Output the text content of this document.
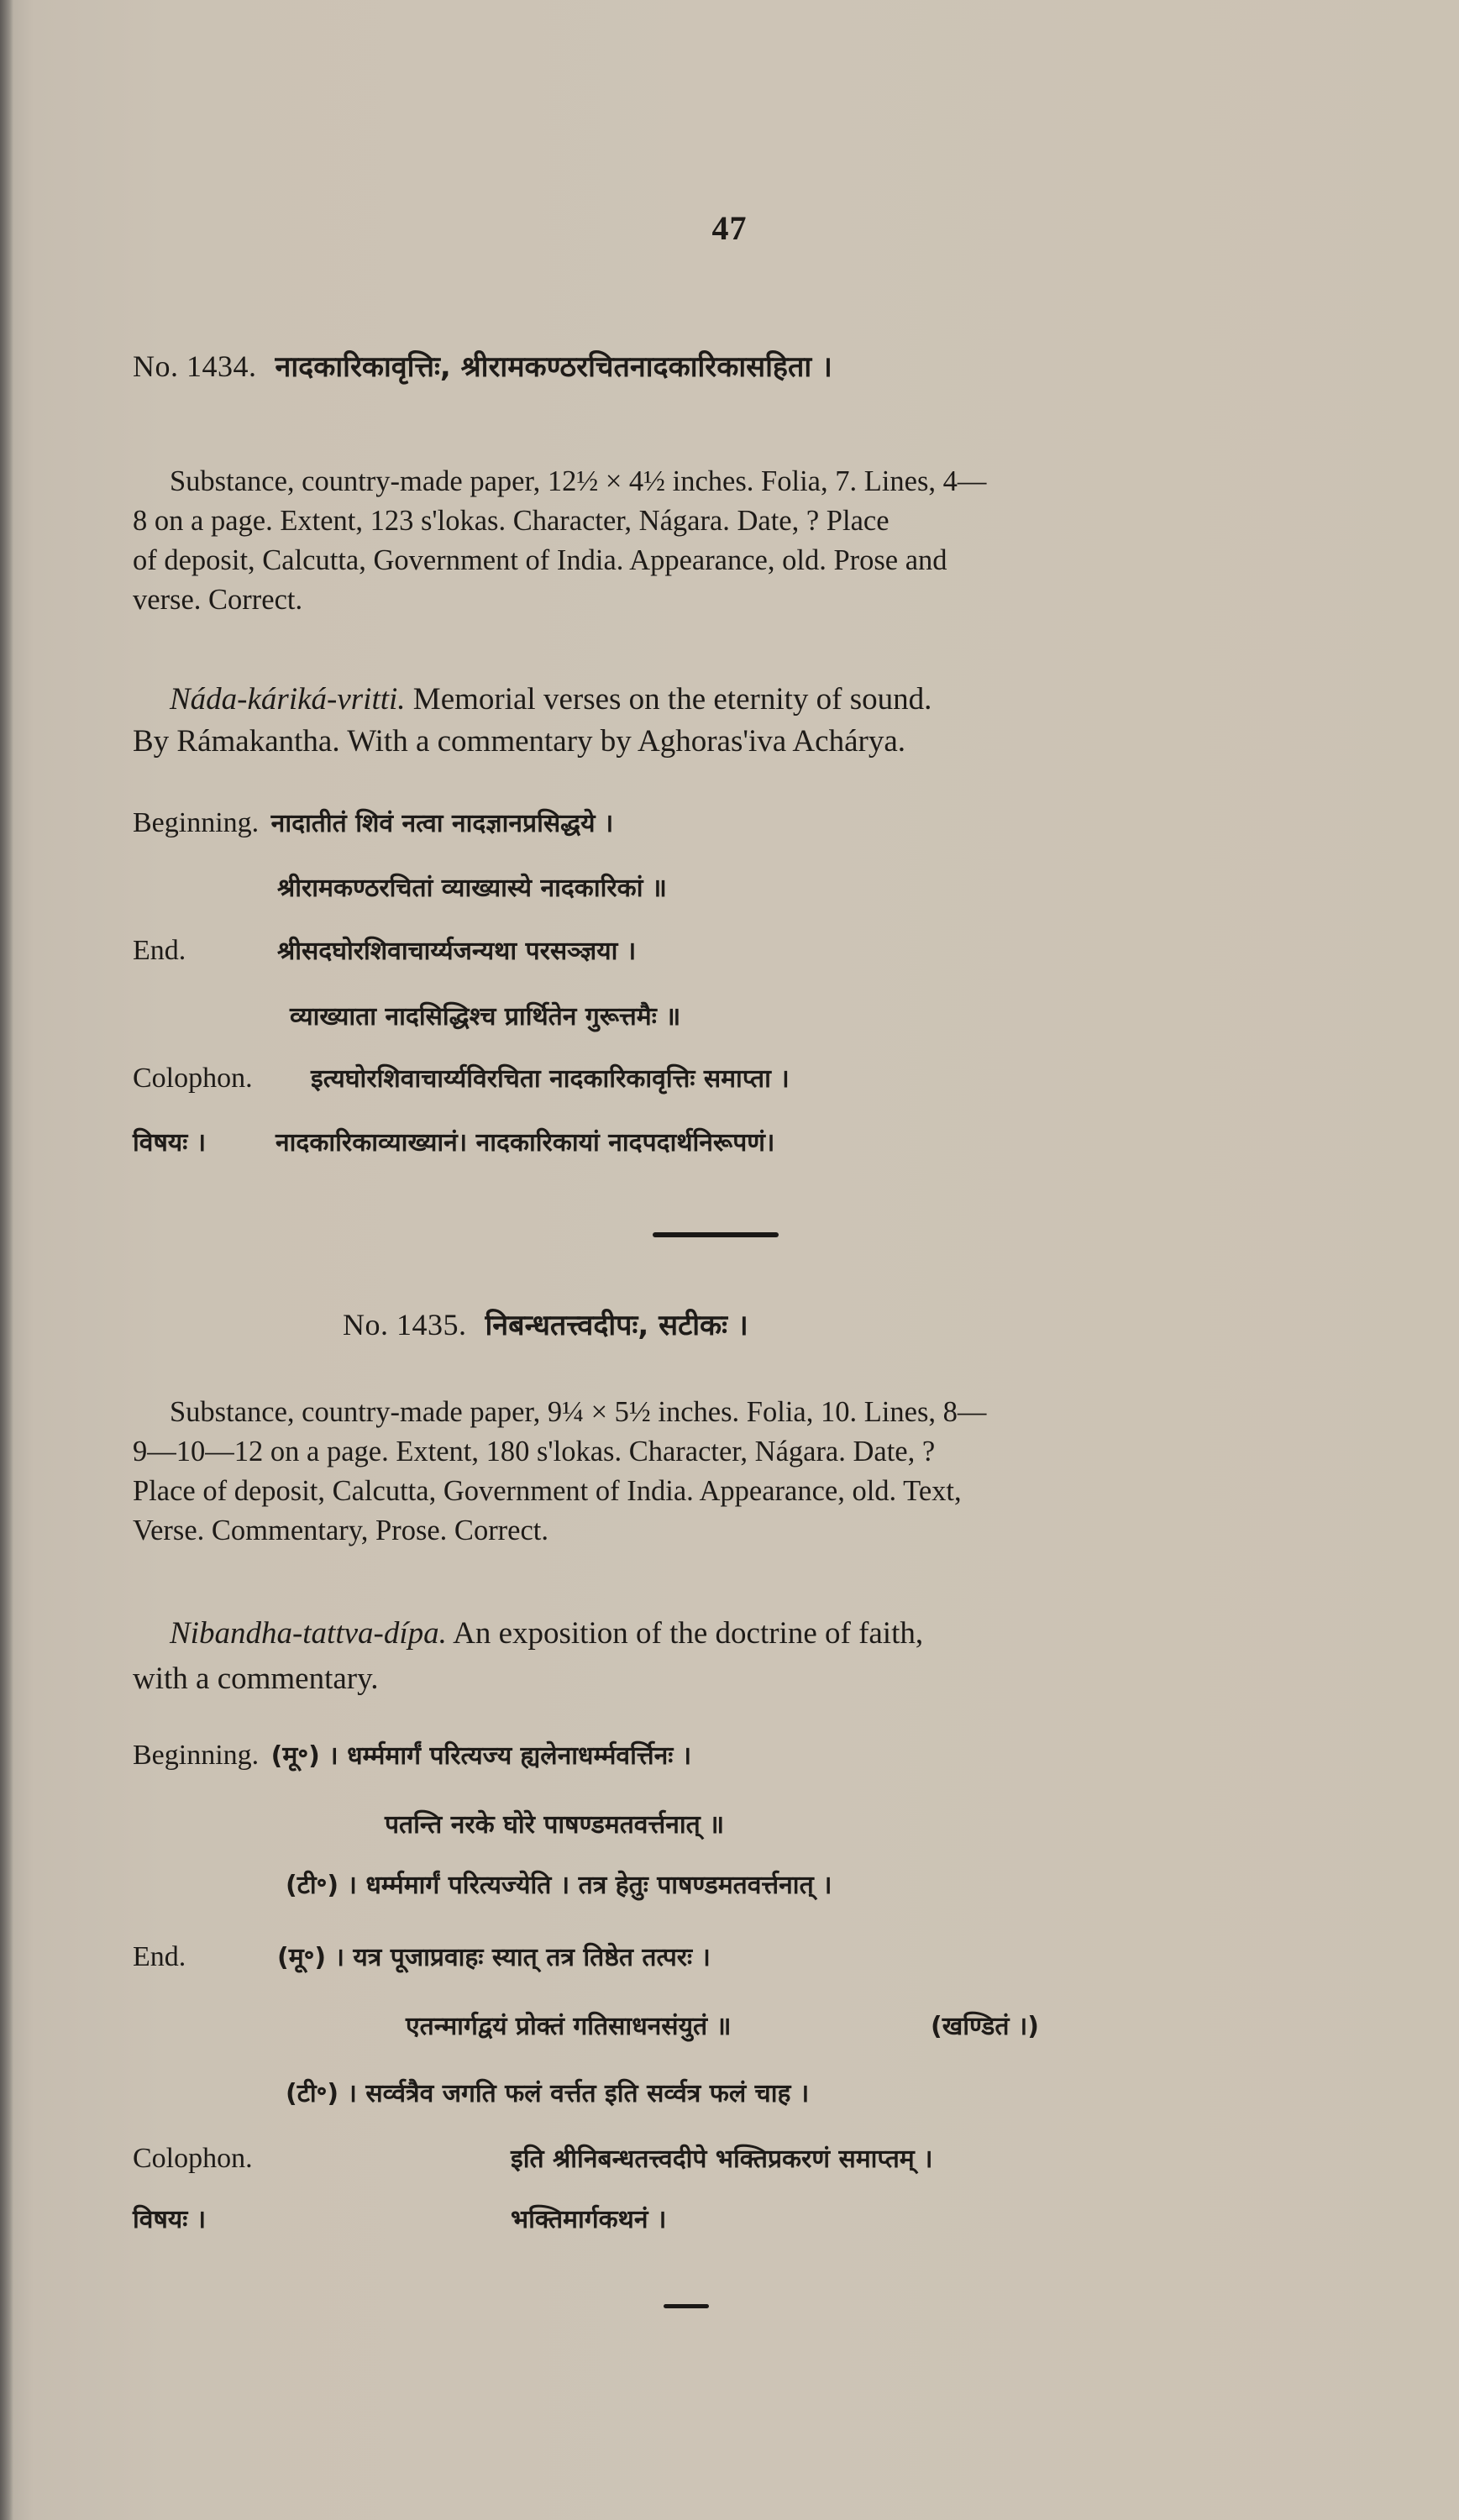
47
No. 1434. नादकारिकावृत्तिः, श्रीरामकण्ठरचितनादकारिकासहिता ।
Substance, country-made paper, 12½ × 4½ inches. Folia, 7. Lines, 4—
8 on a page. Extent, 123 s'lokas. Character, Nágara. Date, ? Place
of deposit, Calcutta, Government of India. Appearance, old. Prose and
verse. Correct.
Náda-káriká-vritti. Memorial verses on the eternity of sound.
By Rámakantha. With a commentary by Aghoras'iva Achárya.
Beginning. नादातीतं शिवं नत्वा नादज्ञानप्रसिद्धये ।
श्रीरामकण्ठरचितां व्याख्यास्ये नादकारिकां ॥
End.	श्रीसदघोरशिवाचार्य्यजन्यथा परसञ्ज्ञया ।
व्याख्याता नादसिद्धिश्च प्रार्थितेन गुरूत्तमैः ॥
Colophon. इत्यघोरशिवाचार्य्यविरचिता नादकारिकावृत्तिः समाप्ता ।
विषयः ।	नादकारिकाव्याख्यानं। नादकारिकायां नादपदार्थनिरूपणं।
No. 1435. निबन्धतत्त्वदीपः, सटीकः ।
Substance, country-made paper, 9¼ × 5½ inches. Folia, 10. Lines, 8—
9—10—12 on a page. Extent, 180 s'lokas. Character, Nágara. Date, ?
Place of deposit, Calcutta, Government of India. Appearance, old. Text,
Verse. Commentary, Prose. Correct.
Nibandha-tattva-dípa. An exposition of the doctrine of faith,
with a commentary.
Beginning. (मू॰) । धर्म्ममार्गं परित्यज्य ह्यलेनाधर्म्मवर्त्तिनः ।
पतन्ति नरके घोरे पाषण्डमतवर्त्तनात् ॥
(टी॰) । धर्म्ममार्गं परित्यज्येति । तत्र हेतुः पाषण्डमतवर्त्तनात् ।
End.	(मू॰) । यत्र पूजाप्रवाहः स्यात् तत्र तिष्ठेत तत्परः ।
एतन्मार्गद्वयं प्रोक्तं गतिसाधनसंयुतं ॥	(खण्डितं ।)
(टी॰) । सर्व्वत्रैव जगति फलं वर्त्तत इति सर्व्वत्र फलं चाह ।
Colophon.	इति श्रीनिबन्धतत्त्वदीपे भक्तिप्रकरणं समाप्तम् ।
विषयः ।	भक्तिमार्गकथनं ।
